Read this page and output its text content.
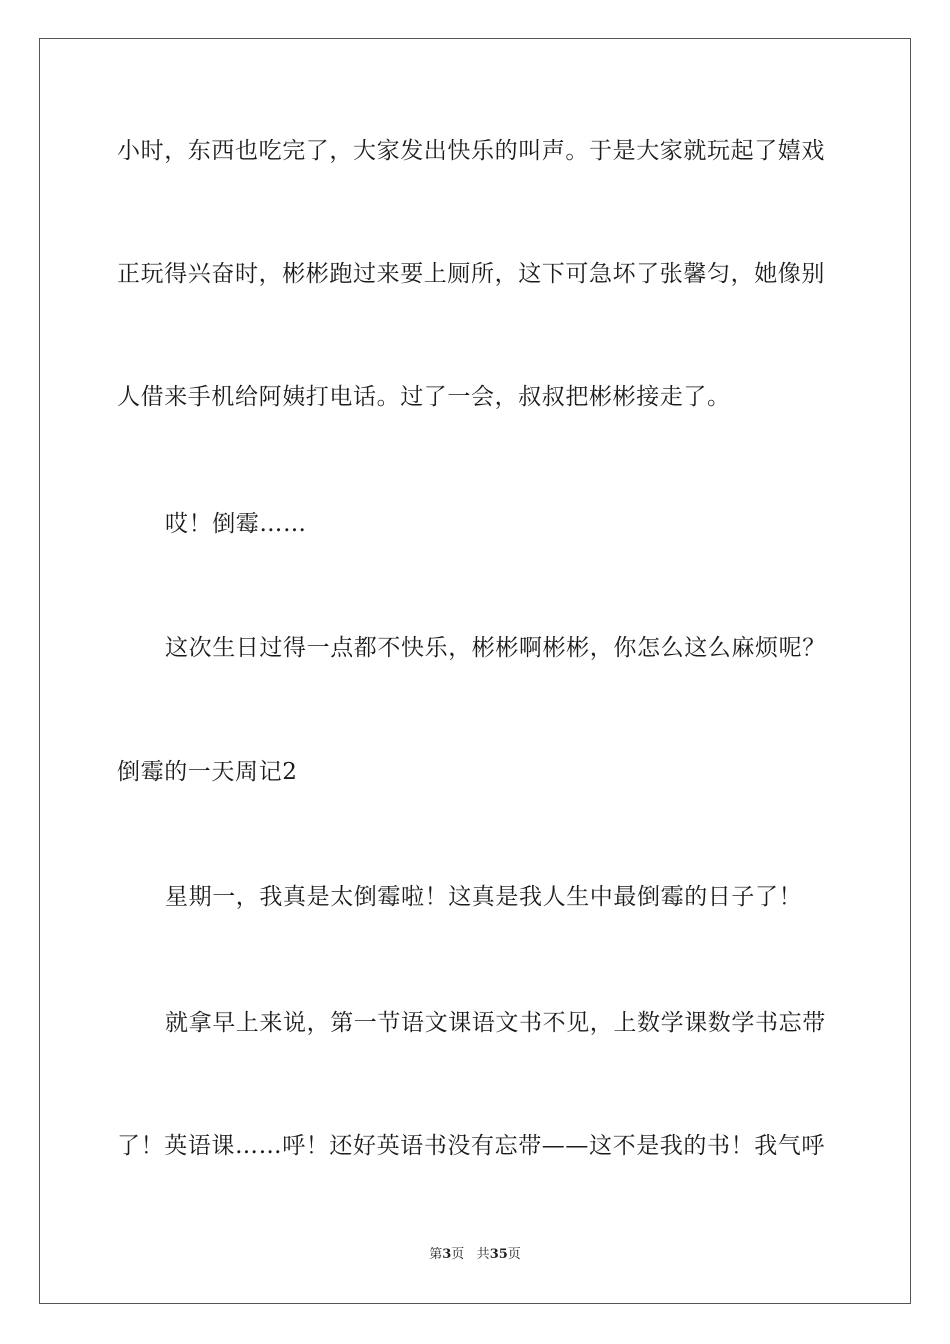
小时，东西也吃完了，大家发出快乐的叫声。于是大家就玩起了嬉戏
正玩得兴奋时，彬彬跑过来要上厕所，这下可急坏了张馨匀，她像别
人借来手机给阿姨打电话。过了一会，叔叔把彬彬接走了。
哎！倒霉……
这次生日过得一点都不快乐，彬彬啊彬彬，你怎么这么麻烦呢？
倒霉的一天周记2
星期一，我真是太倒霉啦！这真是我人生中最倒霉的日子了！
就拿早上来说，第一节语文课语文书不见，上数学课数学书忘带
了！英语课……呼！还好英语书没有忘带——这不是我的书！我气呼
第3页 共35页
